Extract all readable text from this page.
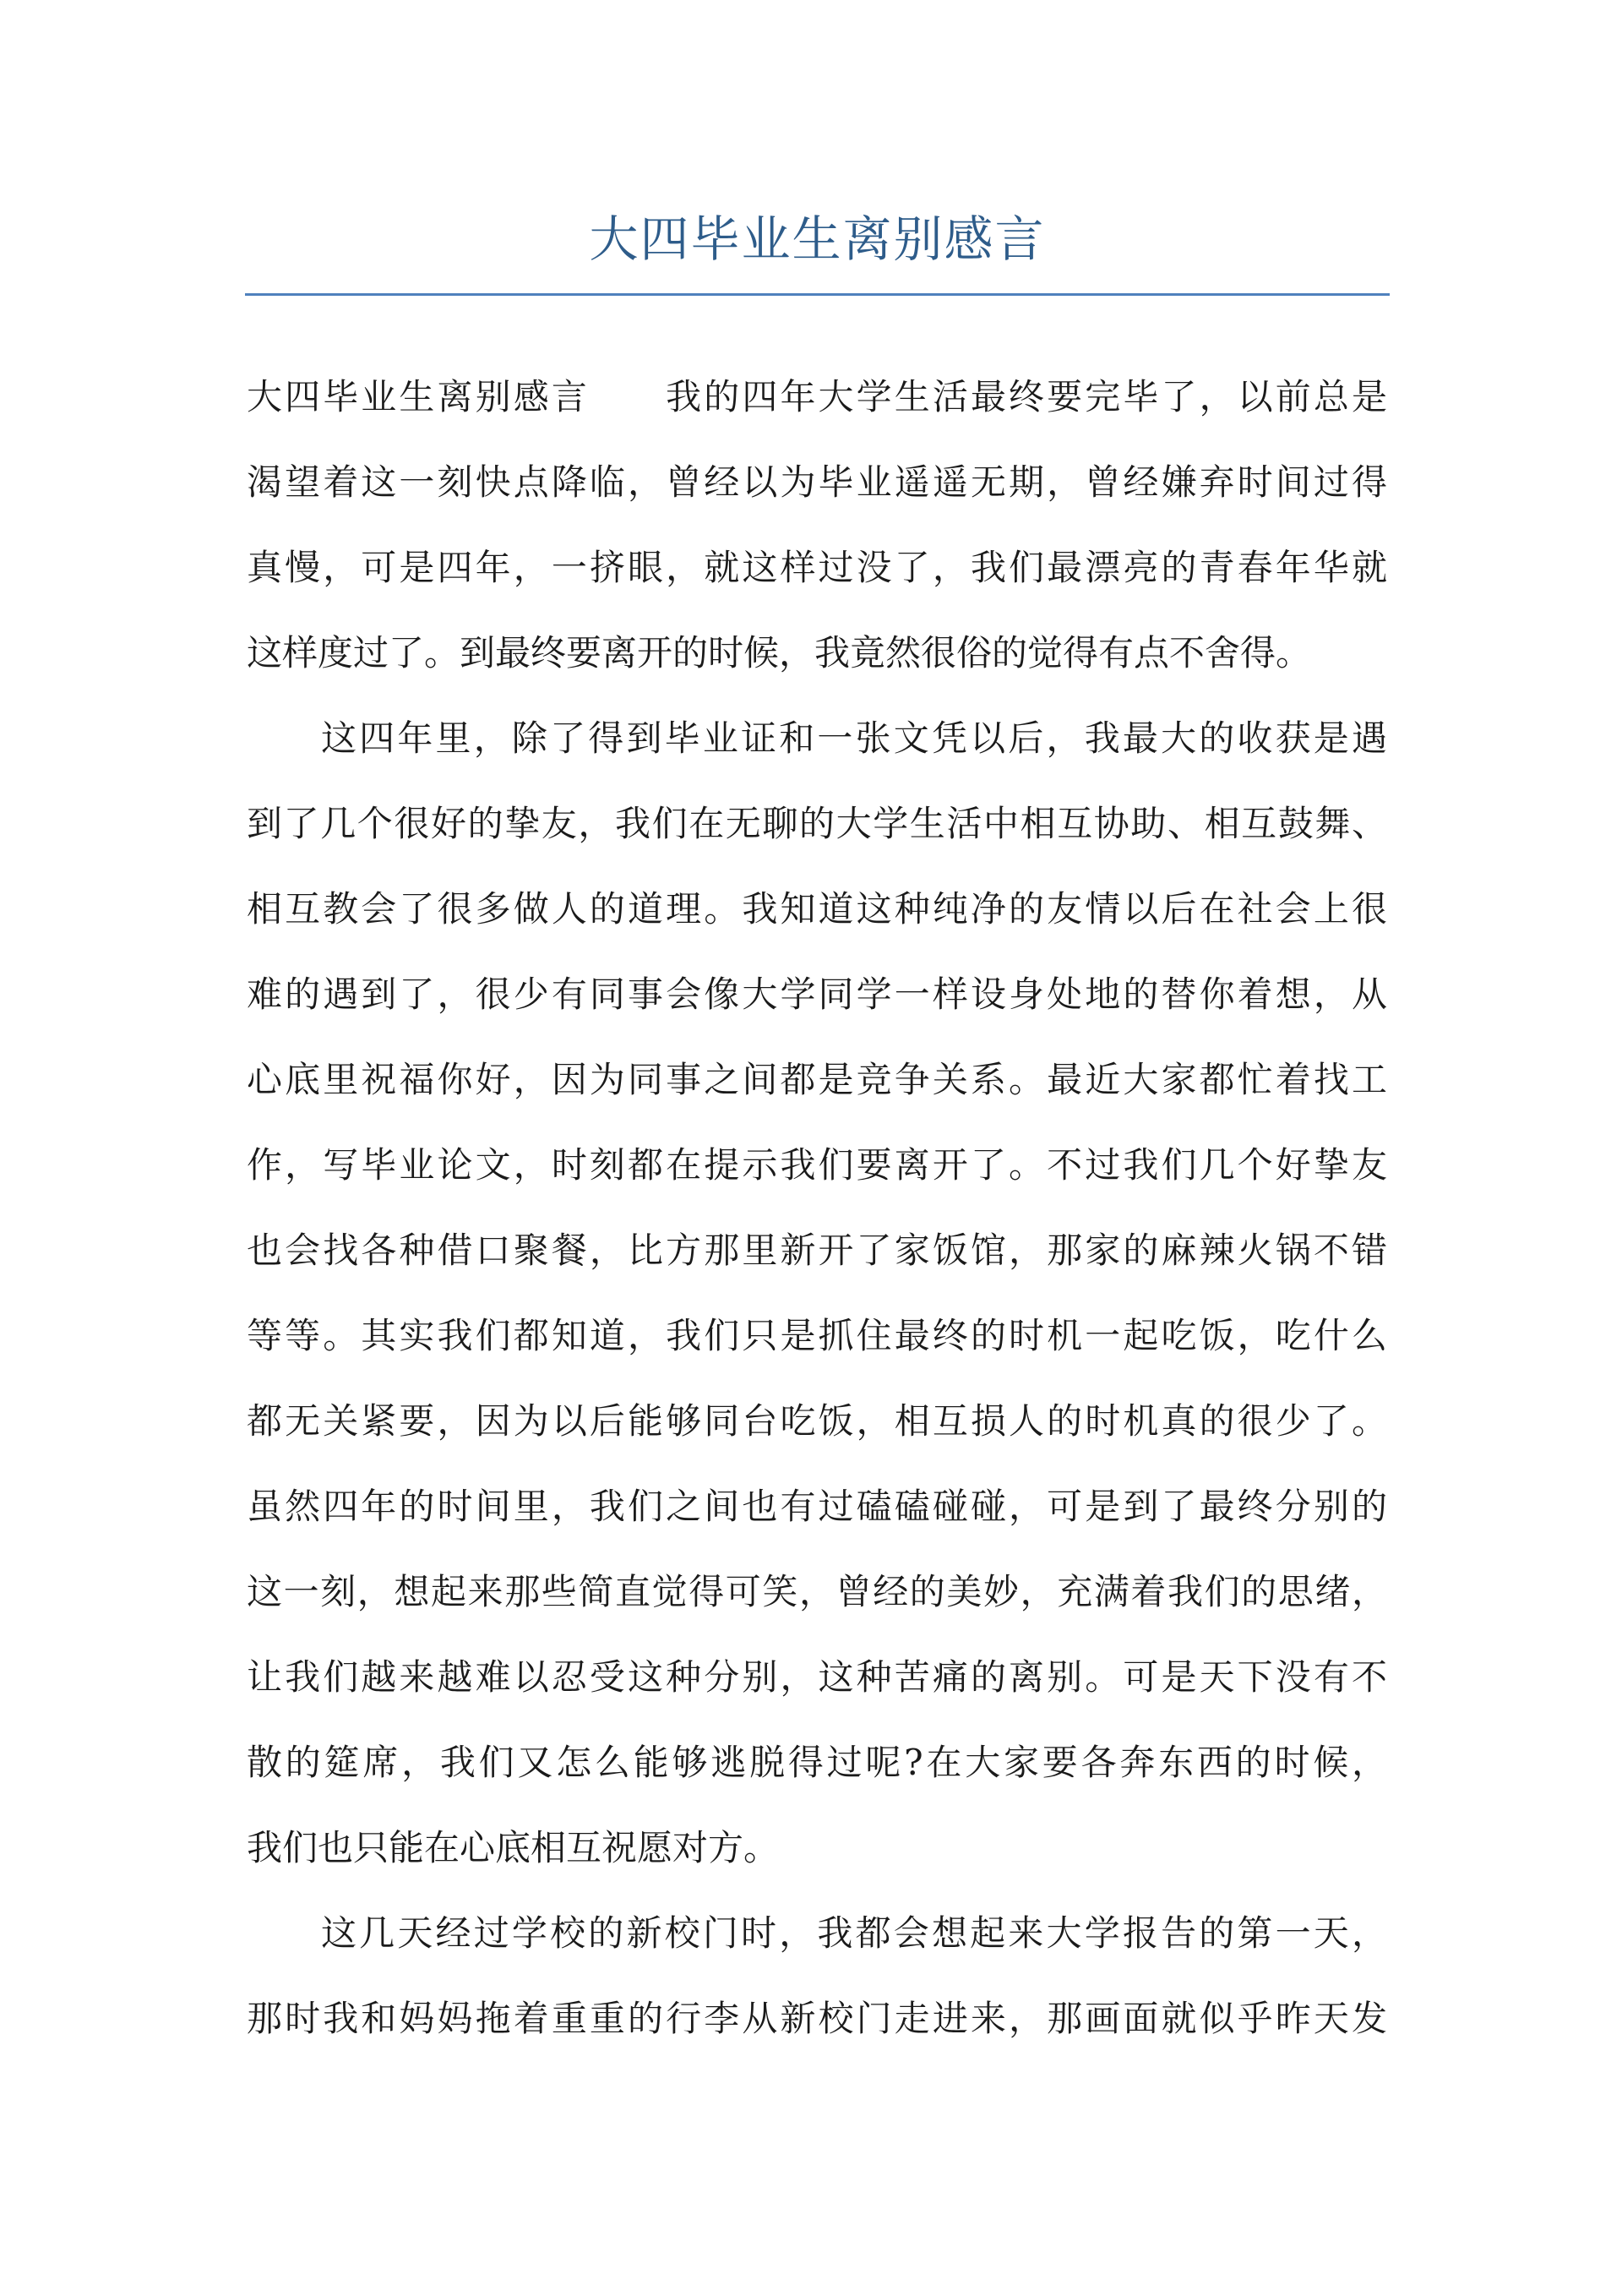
大四毕业生离别感言
大四毕业生离别感言　　我的四年大学生活最终要完毕了，以前总是
渴望着这一刻快点降临，曾经以为毕业遥遥无期，曾经嫌弃时间过得
真慢，可是四年，一挤眼，就这样过没了，我们最漂亮的青春年华就
这样度过了。到最终要离开的时候，我竟然很俗的觉得有点不舍得。
这四年里，除了得到毕业证和一张文凭以后，我最大的收获是遇
到了几个很好的挚友，我们在无聊的大学生活中相互协助、相互鼓舞、
相互教会了很多做人的道理。我知道这种纯净的友情以后在社会上很
难的遇到了，很少有同事会像大学同学一样设身处地的替你着想，从
心底里祝福你好，因为同事之间都是竞争关系。最近大家都忙着找工
作，写毕业论文，时刻都在提示我们要离开了。不过我们几个好挚友
也会找各种借口聚餐，比方那里新开了家饭馆，那家的麻辣火锅不错
等等。其实我们都知道，我们只是抓住最终的时机一起吃饭，吃什么
都无关紧要，因为以后能够同台吃饭，相互损人的时机真的很少了。
虽然四年的时间里，我们之间也有过磕磕碰碰，可是到了最终分别的
这一刻，想起来那些简直觉得可笑，曾经的美妙，充满着我们的思绪，
让我们越来越难以忍受这种分别，这种苦痛的离别。可是天下没有不
散的筵席，我们又怎么能够逃脱得过呢?在大家要各奔东西的时候，
我们也只能在心底相互祝愿对方。
这几天经过学校的新校门时，我都会想起来大学报告的第一天，
那时我和妈妈拖着重重的行李从新校门走进来，那画面就似乎昨天发
